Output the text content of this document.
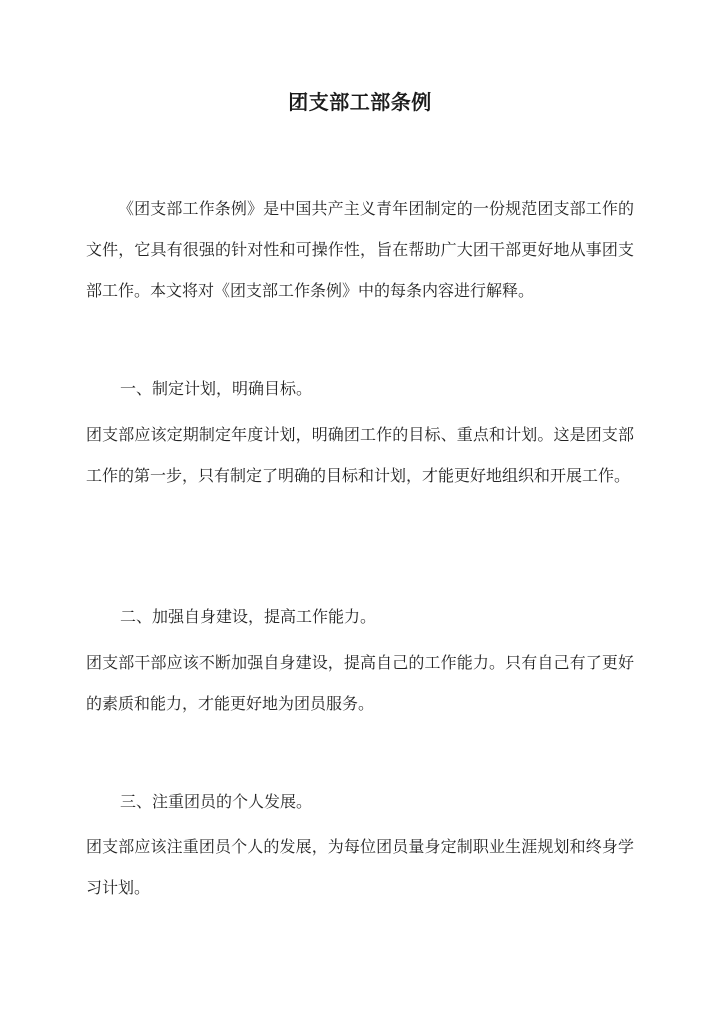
团支部工部条例

《团支部工作条例》是中国共产主义青年团制定的一份规范团支部工作的文件，它具有很强的针对性和可操作性，旨在帮助广大团干部更好地从事团支部工作。本文将对《团支部工作条例》中的每条内容进行解释。

一、制定计划，明确目标。

团支部应该定期制定年度计划，明确团工作的目标、重点和计划。这是团支部工作的第一步，只有制定了明确的目标和计划，才能更好地组织和开展工作。

二、加强自身建设，提高工作能力。

团支部干部应该不断加强自身建设，提高自己的工作能力。只有自己有了更好的素质和能力，才能更好地为团员服务。

三、注重团员的个人发展。

团支部应该注重团员个人的发展，为每位团员量身定制职业生涯规划和终身学习计划。
